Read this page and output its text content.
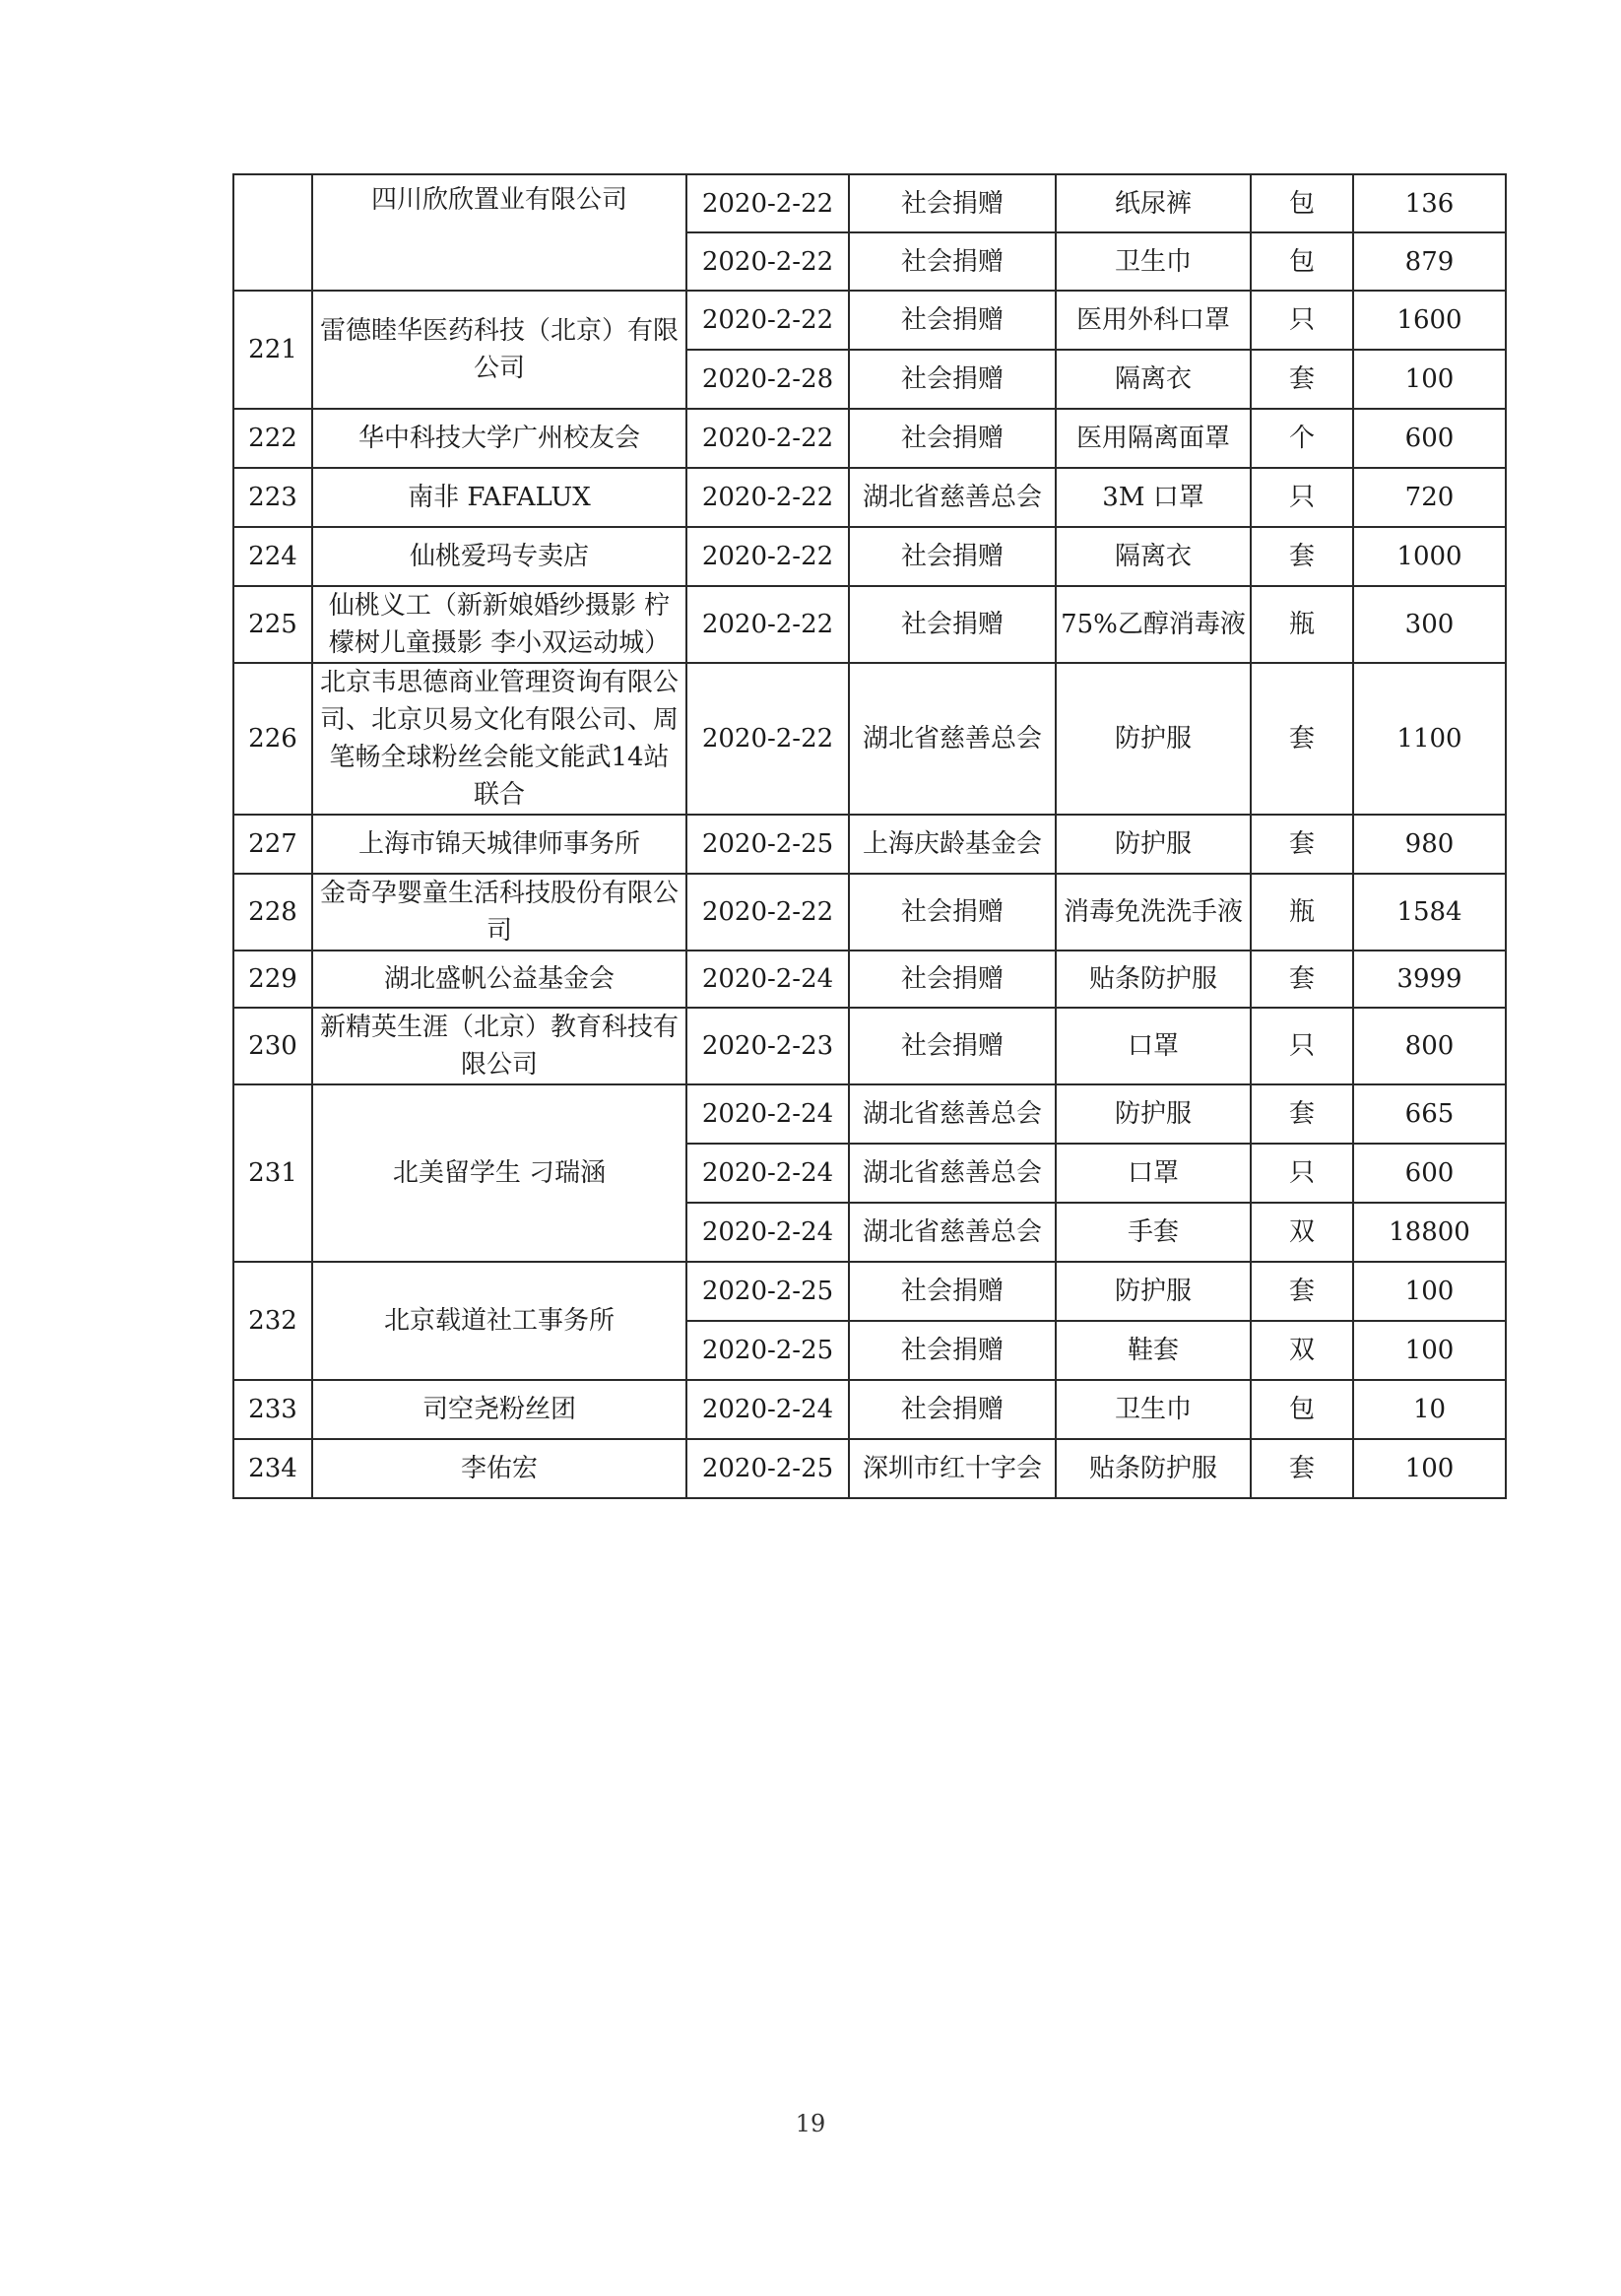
	四川欣欣置业有限公司	2020-2-22	社会捐赠	纸尿裤	包	136
		2020-2-22	社会捐赠	卫生巾	包	879
221	雷德睦华医药科技（北京）有限公司	2020-2-22	社会捐赠	医用外科口罩	只	1600
		2020-2-28	社会捐赠	隔离衣	套	100
222	华中科技大学广州校友会	2020-2-22	社会捐赠	医用隔离面罩	个	600
223	南非 FAFALUX	2020-2-22	湖北省慈善总会	3M 口罩	只	720
224	仙桃爱玛专卖店	2020-2-22	社会捐赠	隔离衣	套	1000
225	仙桃义工（新新娘婚纱摄影 柠檬树儿童摄影 李小双运动城）	2020-2-22	社会捐赠	75%乙醇消毒液	瓶	300
226	北京韦思德商业管理资询有限公司、北京贝易文化有限公司、周笔畅全球粉丝会能文能武14站联合	2020-2-22	湖北省慈善总会	防护服	套	1100
227	上海市锦天城律师事务所	2020-2-25	上海庆龄基金会	防护服	套	980
228	金奇孕婴童生活科技股份有限公司	2020-2-22	社会捐赠	消毒免洗洗手液	瓶	1584
229	湖北盛帆公益基金会	2020-2-24	社会捐赠	贴条防护服	套	3999
230	新精英生涯（北京）教育科技有限公司	2020-2-23	社会捐赠	口罩	只	800
231	北美留学生 刁瑞涵	2020-2-24	湖北省慈善总会	防护服	套	665
		2020-2-24	湖北省慈善总会	口罩	只	600
		2020-2-24	湖北省慈善总会	手套	双	18800
232	北京载道社工事务所	2020-2-25	社会捐赠	防护服	套	100
		2020-2-25	社会捐赠	鞋套	双	100
233	司空尧粉丝团	2020-2-24	社会捐赠	卫生巾	包	10
234	李佑宏	2020-2-25	深圳市红十字会	贴条防护服	套	100
19
